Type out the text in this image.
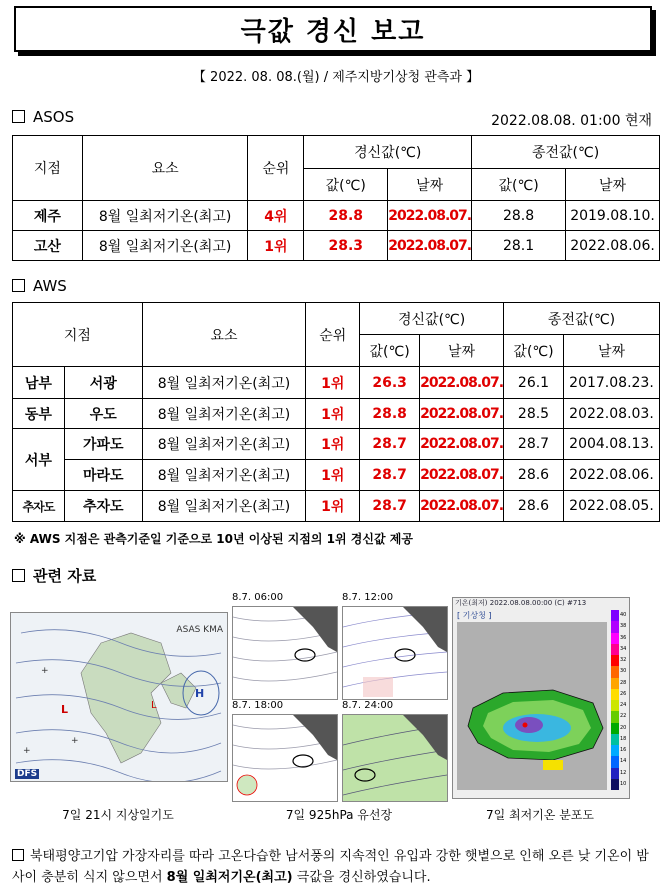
극값 경신 보고
【 2022. 08. 08.(월) / 제주지방기상청 관측과 】
ASOS	2022.08.08. 01:00 현재
지점	요소	순위	경신값(℃)		종전값(℃)	
			값(℃)	날짜	값(℃)	날짜
제주	8월 일최저기온(최고)	4위	28.8	2022.08.07.	28.8	2019.08.10.
고산	8월 일최저기온(최고)	1위	28.3	2022.08.07.	28.1	2022.08.06.
AWS
지점		요소	순위	경신값(℃)		종전값(℃)	
				값(℃)	날짜	값(℃)	날짜
남부	서광	8월 일최저기온(최고)	1위	26.3	2022.08.07.	26.1	2017.08.23.
동부	우도	8월 일최저기온(최고)	1위	28.8	2022.08.07.	28.5	2022.08.03.
서부	가파도	8월 일최저기온(최고)	1위	28.7	2022.08.07.	28.7	2004.08.13.
	마라도	8월 일최저기온(최고)	1위	28.7	2022.08.07.	28.6	2022.08.06.
추자도	추자도	8월 일최저기온(최고)	1위	28.7	2022.08.07.	28.6	2022.08.05.
※ AWS 지점은 관측기준일 기준으로 10년 이상된 지점의 1위 경신값 제공
관련 자료
H
L	L
+
+
+
ASAS KMA
DFS
7일 21시 지상일기도
8.7. 06:00	8.7. 12:00
8.7. 18:00	8.7. 24:00
7일 925hPa 유선장
기온(최저) 2022.08.08.00:00 (C) #713
[ 기상청 ]	40
38
36
34
32
30
28
26
24
22
20
18
16
14
12
10
7일 최저기온 분포도
북태평양고기압 가장자리를 따라 고온다습한 남서풍의 지속적인 유입과 강한 햇볕으로 인해 오른 낮 기온이 밤 사이 충분히 식지 않으면서 8월 일최저기온(최고) 극값을 경신하였습니다.
